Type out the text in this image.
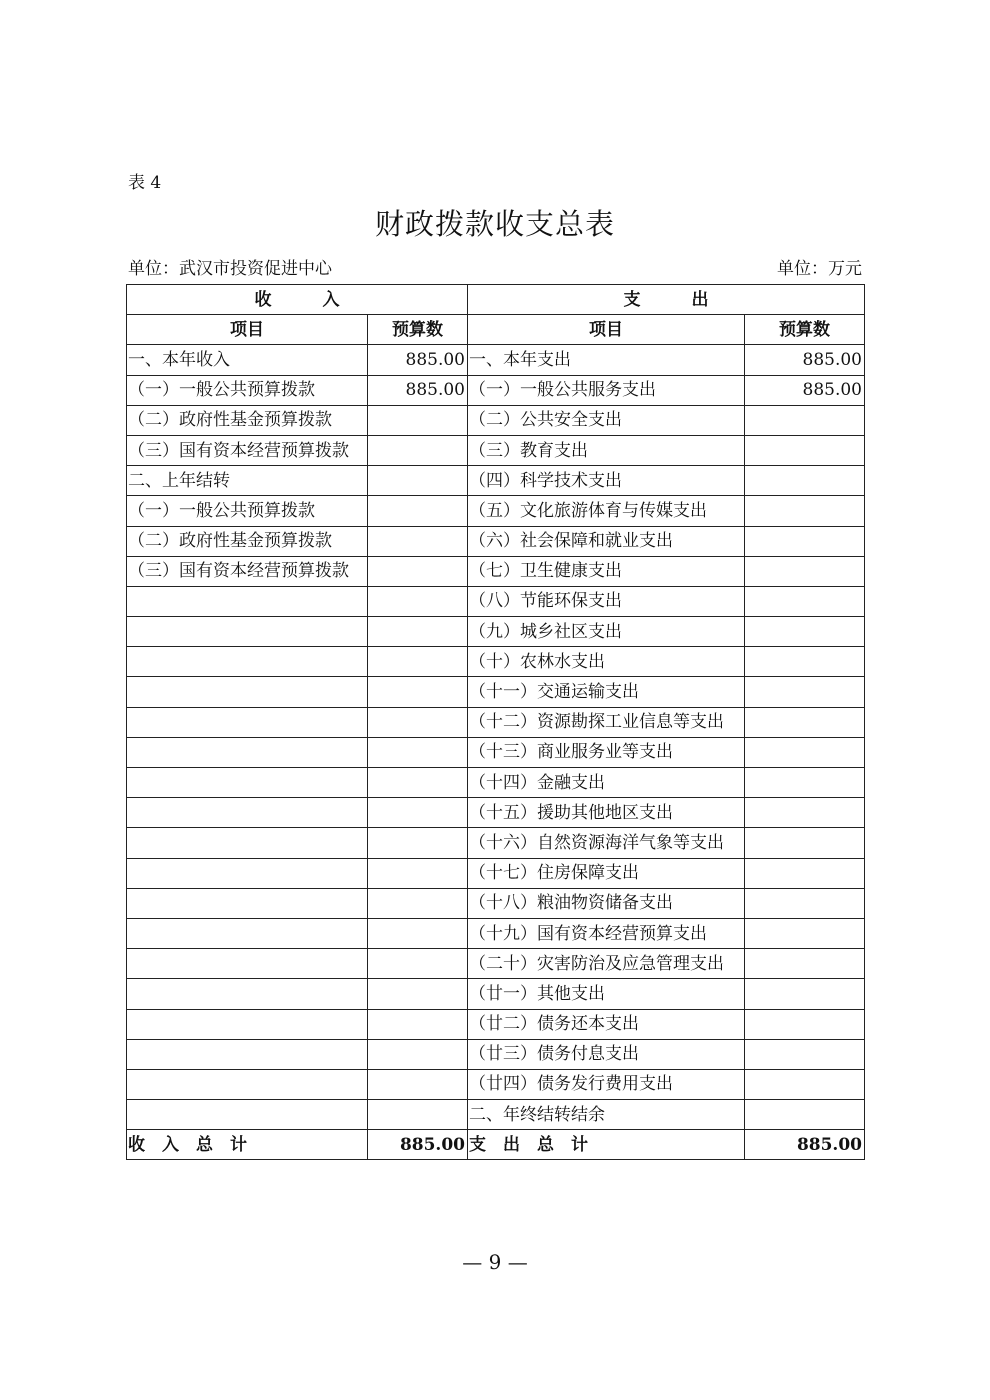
表 4
财政拨款收支总表
单位：武汉市投资促进中心	单位：万元
收　　　入		支　　　出	
项目	预算数	项目	预算数
一、本年收入	885.00	一、本年支出	885.00
（一）一般公共预算拨款	885.00	（一）一般公共服务支出	885.00
（二）政府性基金预算拨款		（二）公共安全支出	
（三）国有资本经营预算拨款		（三）教育支出	
二、上年结转		（四）科学技术支出	
（一）一般公共预算拨款		（五）文化旅游体育与传媒支出	
（二）政府性基金预算拨款		（六）社会保障和就业支出	
（三）国有资本经营预算拨款		（七）卫生健康支出	
		（八）节能环保支出	
		（九）城乡社区支出	
		（十）农林水支出	
		（十一）交通运输支出	
		（十二）资源勘探工业信息等支出	
		（十三）商业服务业等支出	
		（十四）金融支出	
		（十五）援助其他地区支出	
		（十六）自然资源海洋气象等支出	
		（十七）住房保障支出	
		（十八）粮油物资储备支出	
		（十九）国有资本经营预算支出	
		（二十）灾害防治及应急管理支出	
		（廿一）其他支出	
		（廿二）债务还本支出	
		（廿三）债务付息支出	
		（廿四）债务发行费用支出	
		二、年终结转结余	
收　入　总　计	885.00	支　出　总　计	885.00
— 9 —
